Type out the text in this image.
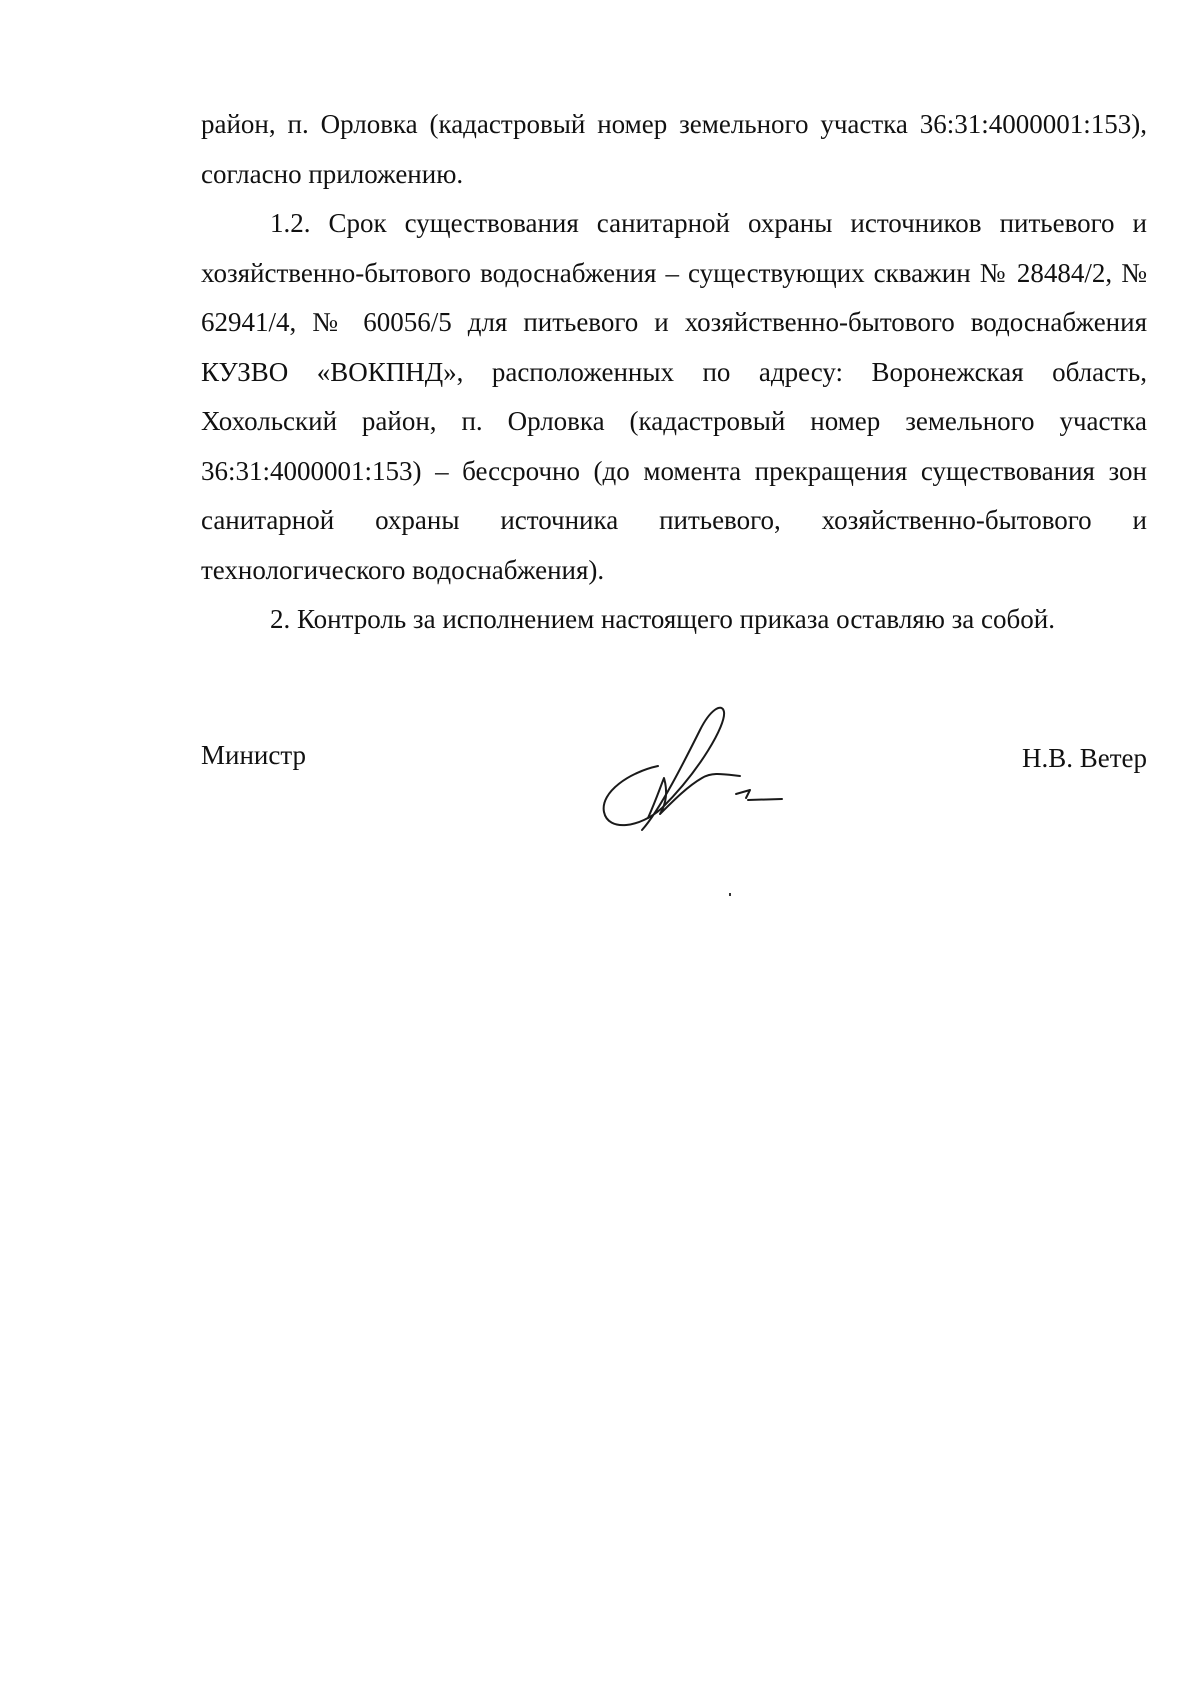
район, п. Орловка (кадастровый номер земельного участка 36:31:4000001:153), согласно приложению.

1.2. Срок существования санитарной охраны источников питьевого и хозяйственно-бытового водоснабжения – существующих скважин № 28484/2, № 62941/4, № 60056/5 для питьевого и хозяйственно-бытового водоснабжения КУЗВО «ВОКПНД», расположенных по адресу: Воронежская область, Хохольский район, п. Орловка (кадастровый номер земельного участка 36:31:4000001:153) – бессрочно (до момента прекращения существования зон санитарной охраны источника питьевого, хозяйственно-бытового и технологического водоснабжения).

2. Контроль за исполнением настоящего приказа оставляю за собой.

Министр	Н.В. Ветер
